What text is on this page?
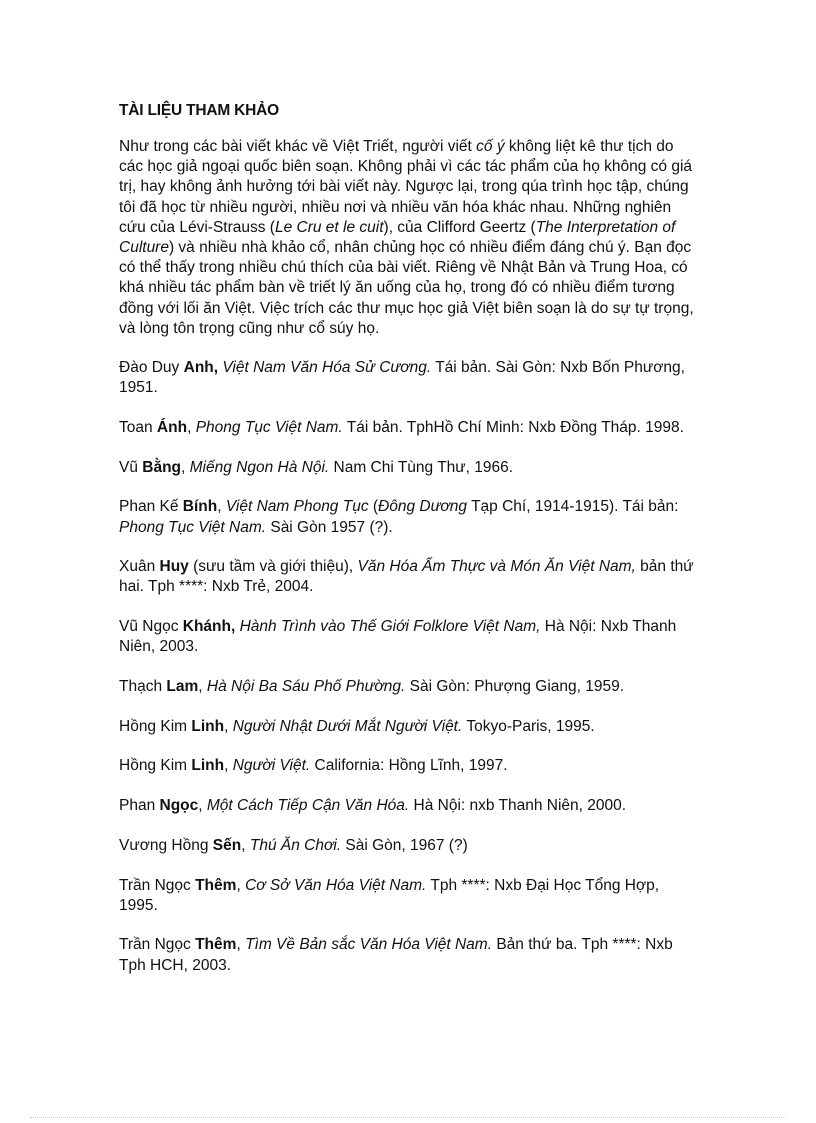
TÀI LIỆU THAM KHẢO

Như trong các bài viết khác về Việt Triết, người viết cố ý không liệt kê thư tịch do các học giả ngoại quốc biên soạn. Không phải vì các tác phẩm của họ không có giá trị, hay không ảnh hưởng tới bài viết này. Ngược lại, trong qúa trình học tập, chúng tôi đã học từ nhiều người, nhiều nơi và nhiều văn hóa khác nhau. Những nghiên cứu của Lévi-Strauss (Le Cru et le cuit), của Clifford Geertz (The Interpretation of Culture) và nhiều nhà khảo cổ, nhân chủng học có nhiều điểm đáng chú ý. Bạn đọc có thể thấy trong nhiều chú thích của bài viết. Riêng về Nhật Bản và Trung Hoa, có khá nhiều tác phẩm bàn về triết lý ăn uống của họ, trong đó có nhiều điểm tương đồng với lối ăn Việt. Việc trích các thư mục học giả Việt biên soạn là do sự tự trọng, và lòng tôn trọng cũng như cổ súy họ.

Đào Duy Anh, Việt Nam Văn Hóa Sử Cương. Tái bản. Sài Gòn: Nxb Bốn Phương, 1951.

Toan Ánh, Phong Tục Việt Nam. Tái bản. TphHồ Chí Minh: Nxb Đồng Tháp. 1998.

Vũ Bằng, Miếng Ngon Hà Nội. Nam Chi Tùng Thư, 1966.

Phan Kế Bính, Việt Nam Phong Tục (Đông Dương Tạp Chí, 1914-1915). Tái bản: Phong Tục Việt Nam. Sài Gòn 1957 (?).

Xuân Huy (sưu tầm và giới thiệu), Văn Hóa Ẩm Thực và Món Ăn Việt Nam, bản thứ hai. Tph ****: Nxb Trẻ, 2004.

Vũ Ngọc Khánh, Hành Trình vào Thế Giới Folklore Việt Nam, Hà Nội: Nxb Thanh Niên, 2003.

Thạch Lam, Hà Nội Ba Sáu Phố Phường. Sài Gòn: Phượng Giang, 1959.

Hồng Kim Linh, Người Nhật Dưới Mắt Người Việt. Tokyo-Paris, 1995.

Hồng Kim Linh, Người Việt. California: Hồng Lĩnh, 1997.

Phan Ngọc, Một Cách Tiếp Cận Văn Hóa. Hà Nội: nxb Thanh Niên, 2000.

Vương Hồng Sến, Thú Ăn Chơi. Sài Gòn, 1967 (?)

Trần Ngọc Thêm, Cơ Sở Văn Hóa Việt Nam. Tph ****: Nxb Đại Học Tổng Hợp, 1995.

Trần Ngọc Thêm, Tìm Về Bản sắc Văn Hóa Việt Nam. Bản thứ ba. Tph ****: Nxb Tph HCH, 2003.
